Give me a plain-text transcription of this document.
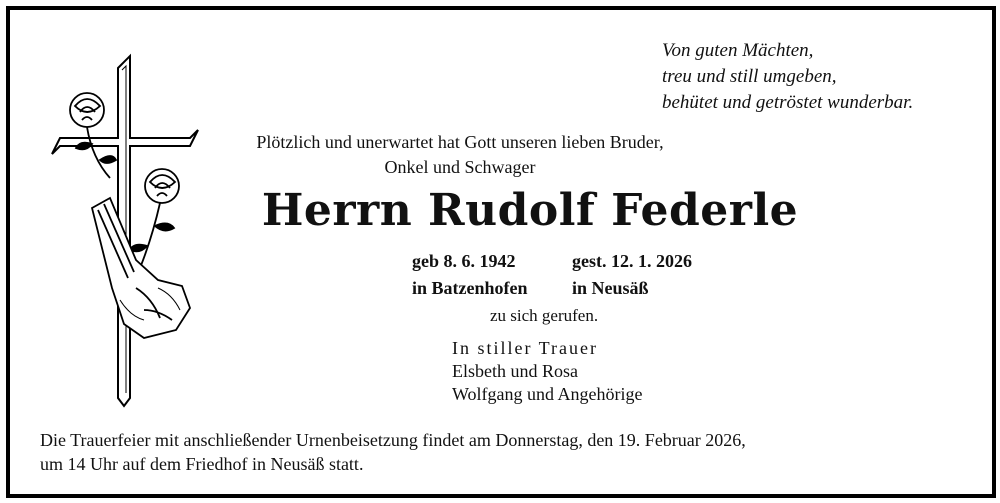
Von guten Mächten,
treu und still umgeben,
behütet und getröstet wunderbar.
Plötzlich und unerwartet hat Gott unseren lieben Bruder,
Onkel und Schwager
Herrn Rudolf Federle
geb 8. 6. 1942	gest. 12. 1. 2026
in Batzenhofen in Neusäß
zu sich gerufen.
In stiller Trauer
Elsbeth und Rosa
Wolfgang und Angehörige
Die Trauerfeier mit anschließender Urnenbeisetzung findet am Donnerstag, den 19. Februar 2026,
um 14 Uhr auf dem Friedhof in Neusäß statt.
